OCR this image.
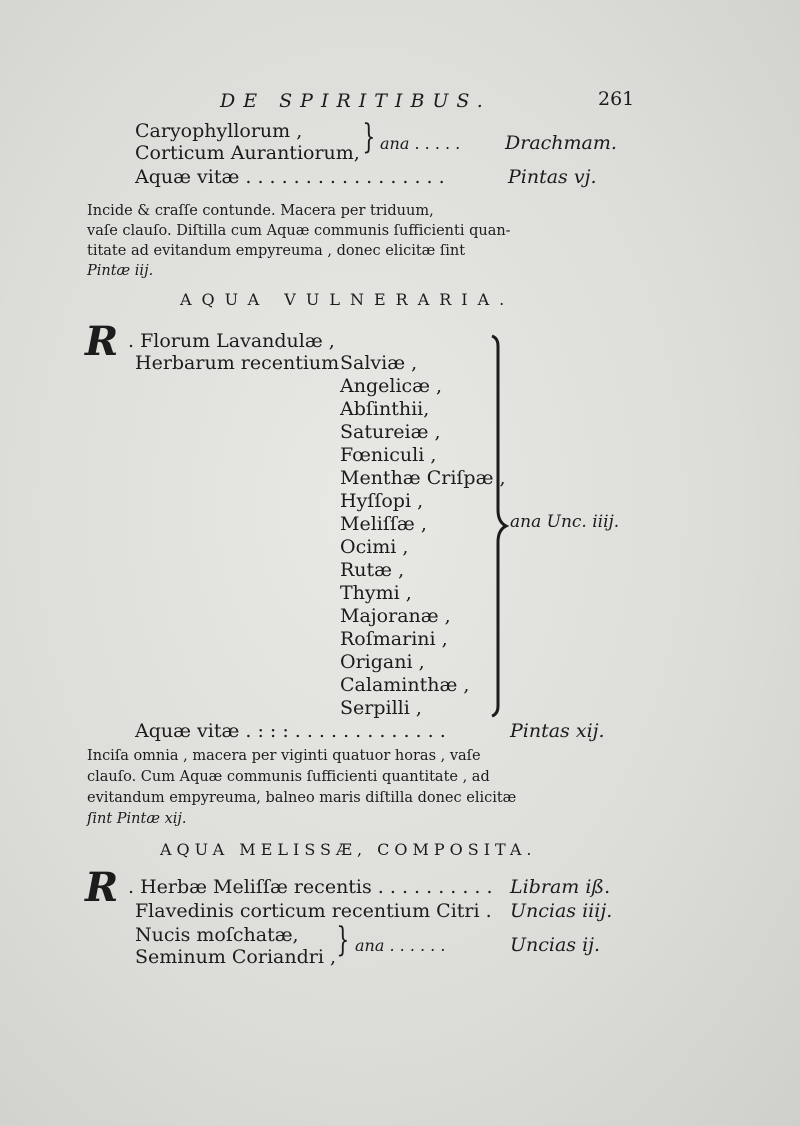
DE SPIRITIBUS.	261
Caryophyllorum ,
Corticum Aurantiorum, } ana . . . . . Drachmam.
Aquæ vitæ . . . . . . . . . . . . . . . . .	Pintas vj.
Incide & craſſe contunde. Macera per triduum,
vaſe clauſo. Diſtilla cum Aquæ communis ſufficienti quan-
titate ad evitandum empyreuma , donec elicitæ ſint
Pintæ iij.
AQUA VULNERARIA.
R . Florum Lavandulæ ,
Herbarum recentium Salviæ ,
Angelicæ ,
Abſinthii,
Satureiæ ,
Fœniculi ,
Menthæ Criſpæ ,
Hyſſopi ,
Meliſſæ ,
Ocimi ,
Rutæ ,
Thymi ,
Majoranæ ,
Roſmarini ,
Origani ,
Calaminthæ ,
Serpilli ,
ana Unc. iiij.
Aquæ vitæ . : : : . . . . . . . . . . . . .	Pintas xij.
Inciſa omnia , macera per viginti quatuor horas , vaſe
clauſo. Cum Aquæ communis ſufficienti quantitate , ad
evitandum empyreuma, balneo maris diſtilla donec elicitæ
ſint Pintæ xij.
AQUA MELISSÆ, COMPOSITA.
R . Herbæ Meliſſæ recentis . . . . . . . . . . Libram iß.
Flavedinis corticum recentium Citri . Uncias iiij.
Nucis moſchatæ,
Seminum Coriandri , } ana . . . . . .	Uncias ij.
